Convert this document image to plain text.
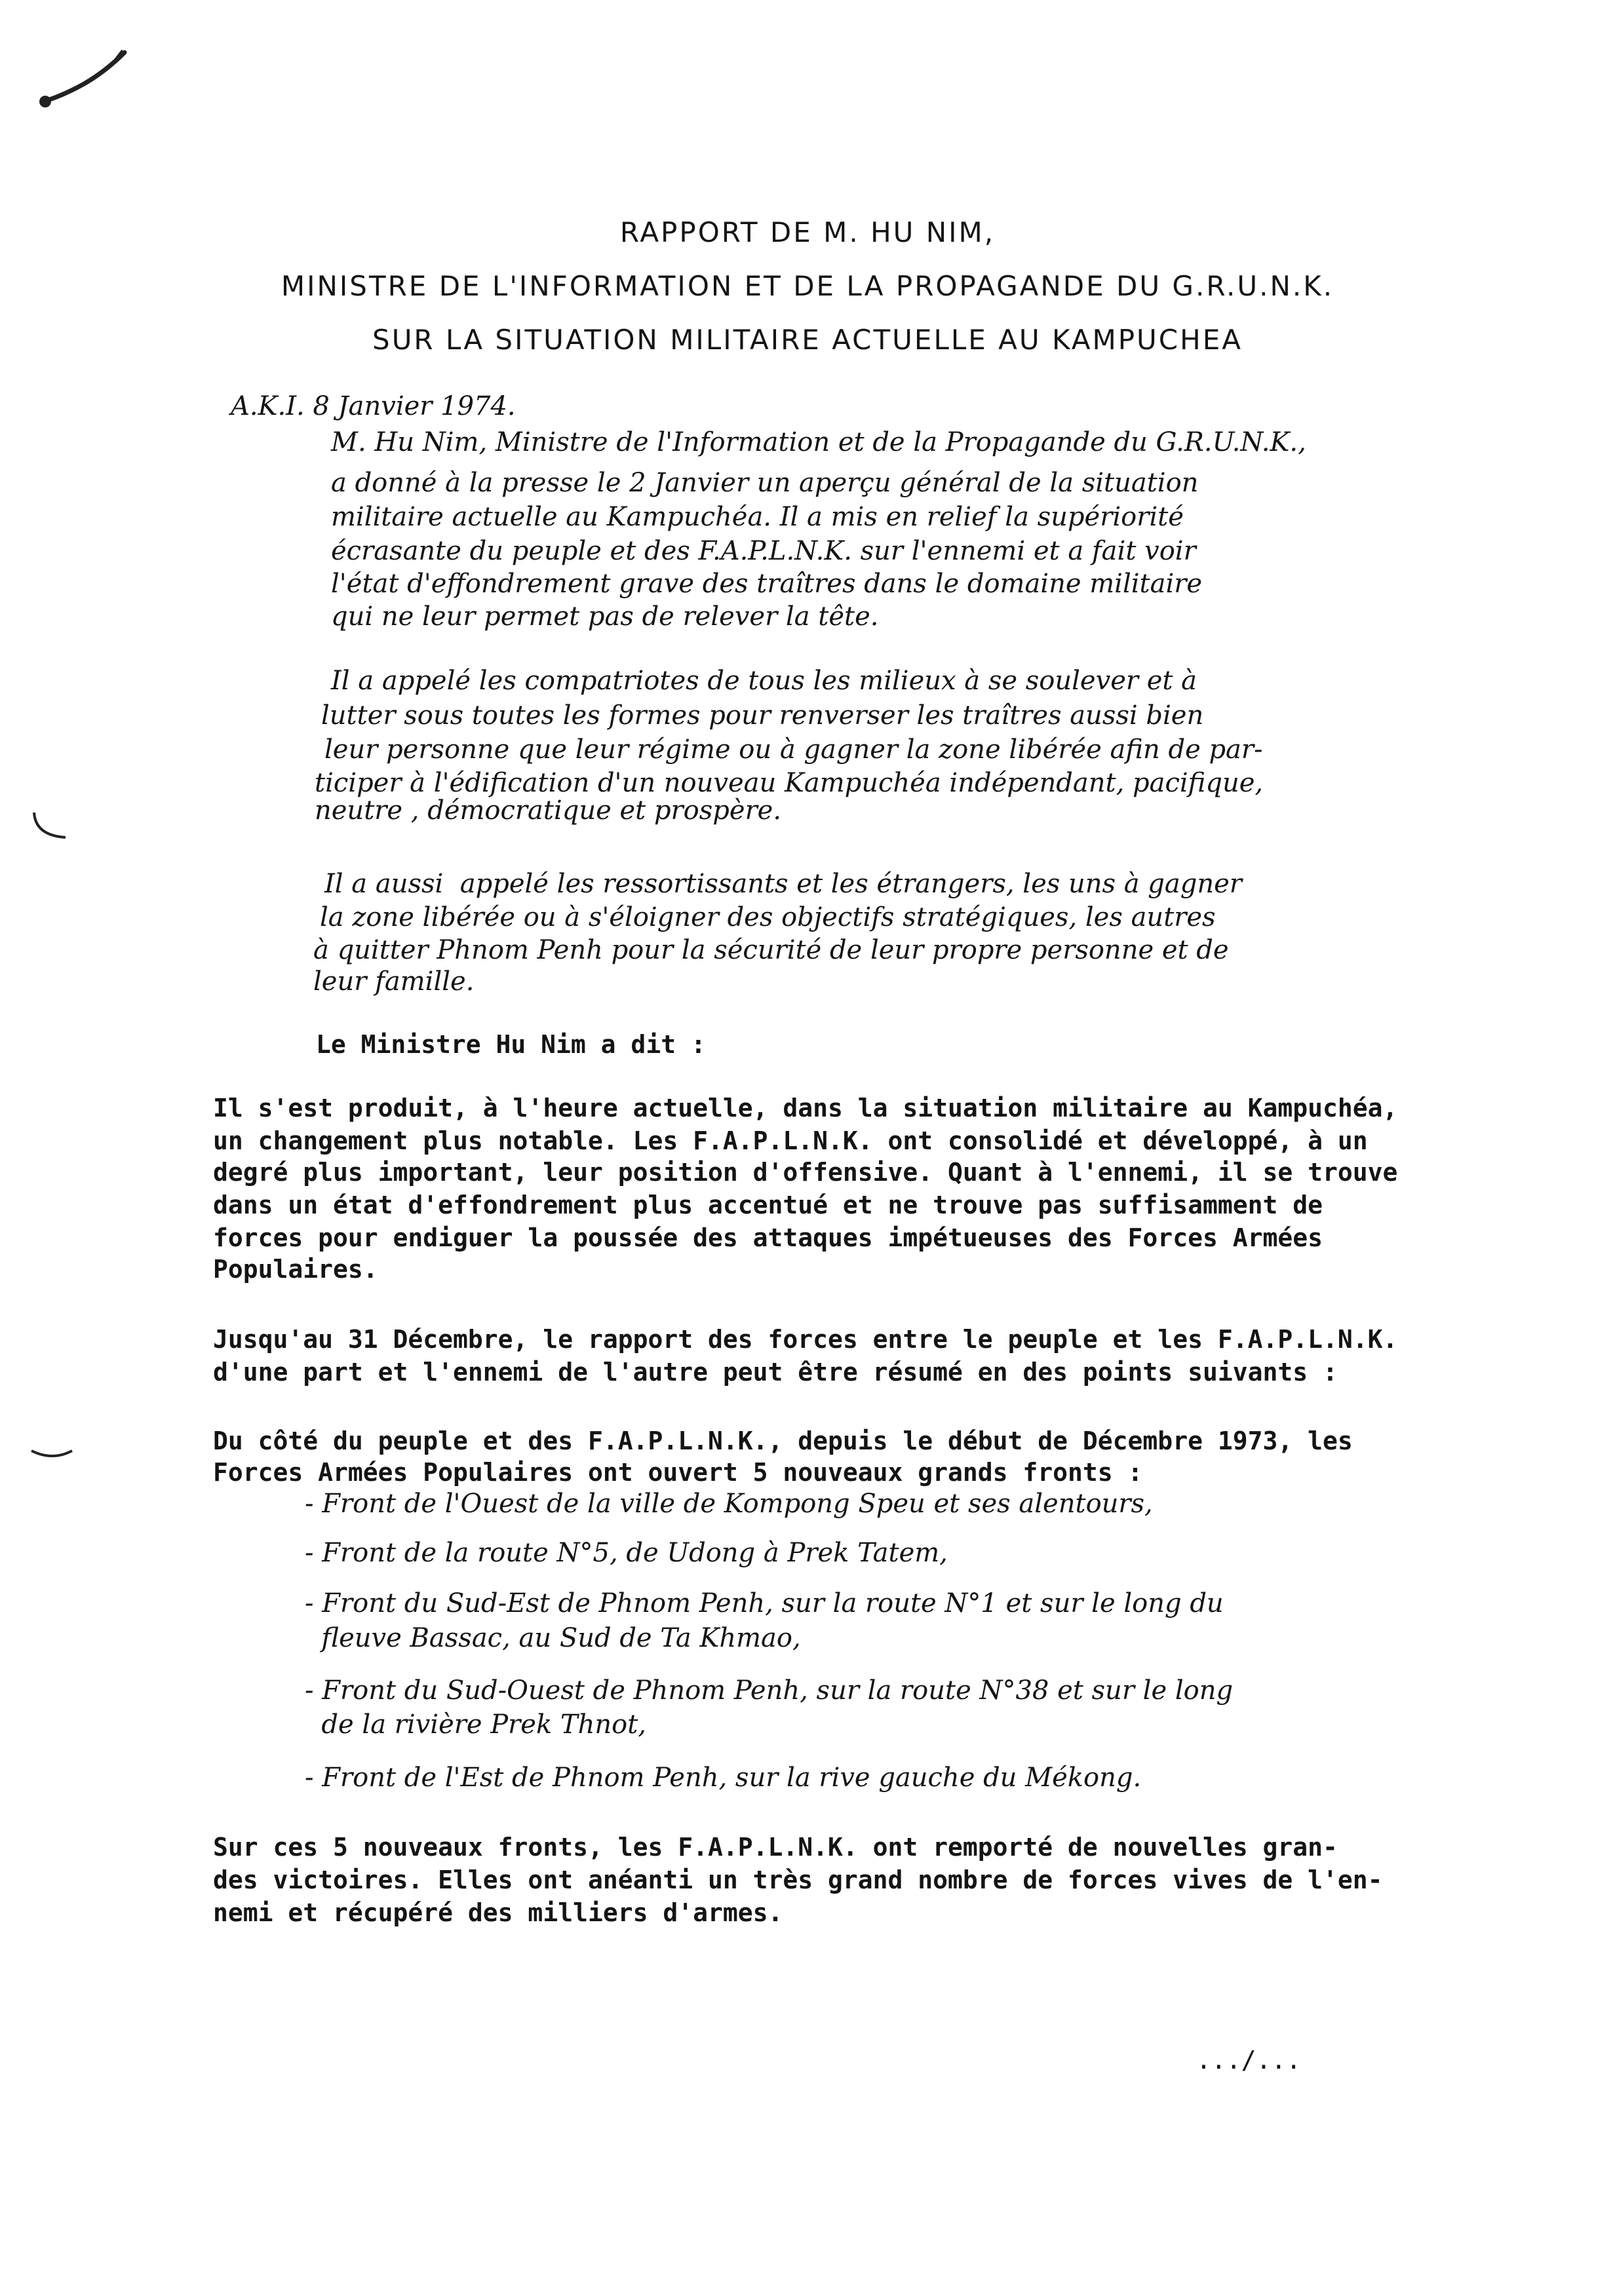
RAPPORT DE M. HU NIM,
MINISTRE DE L'INFORMATION ET DE LA PROPAGANDE DU G.R.U.N.K.
SUR LA SITUATION MILITAIRE ACTUELLE AU KAMPUCHEA
A.K.I. 8 Janvier 1974.
M. Hu Nim, Ministre de l'Information et de la Propagande du G.R.U.N.K.,
a donné à la presse le 2 Janvier un aperçu général de la situation
militaire actuelle au Kampuchéa. Il a mis en relief la supériorité
écrasante du peuple et des F.A.P.L.N.K. sur l'ennemi et a fait voir
l'état d'effondrement grave des traîtres dans le domaine militaire
qui ne leur permet pas de relever la tête.
Il a appelé les compatriotes de tous les milieux à se soulever et à
lutter sous toutes les formes pour renverser les traîtres aussi bien
leur personne que leur régime ou à gagner la zone libérée afin de par-
ticiper à l'édification d'un nouveau Kampuchéa indépendant, pacifique,
neutre , démocratique et prospère.
Il a aussi  appelé les ressortissants et les étrangers, les uns à gagner
la zone libérée ou à s'éloigner des objectifs stratégiques, les autres
à quitter Phnom Penh pour la sécurité de leur propre personne et de
leur famille.
Le Ministre Hu Nim a dit :
Il s'est produit, à l'heure actuelle, dans la situation militaire au Kampuchéa,
un changement plus notable. Les F.A.P.L.N.K. ont consolidé et développé, à un
degré plus important, leur position d'offensive. Quant à l'ennemi, il se trouve
dans un état d'effondrement plus accentué et ne trouve pas suffisamment de
forces pour endiguer la poussée des attaques impétueuses des Forces Armées
Populaires.
Jusqu'au 31 Décembre, le rapport des forces entre le peuple et les F.A.P.L.N.K.
d'une part et l'ennemi de l'autre peut être résumé en des points suivants :
Du côté du peuple et des F.A.P.L.N.K., depuis le début de Décembre 1973, les
Forces Armées Populaires ont ouvert 5 nouveaux grands fronts :
- Front de l'Ouest de la ville de Kompong Speu et ses alentours,
- Front de la route N°5, de Udong à Prek Tatem,
- Front du Sud-Est de Phnom Penh, sur la route N°1 et sur le long du
fleuve Bassac, au Sud de Ta Khmao,
- Front du Sud-Ouest de Phnom Penh, sur la route N°38 et sur le long
de la rivière Prek Thnot,
- Front de l'Est de Phnom Penh, sur la rive gauche du Mékong.
Sur ces 5 nouveaux fronts, les F.A.P.L.N.K. ont remporté de nouvelles gran-
des victoires. Elles ont anéanti un très grand nombre de forces vives de l'en-
nemi et récupéré des milliers d'armes.
.../...
